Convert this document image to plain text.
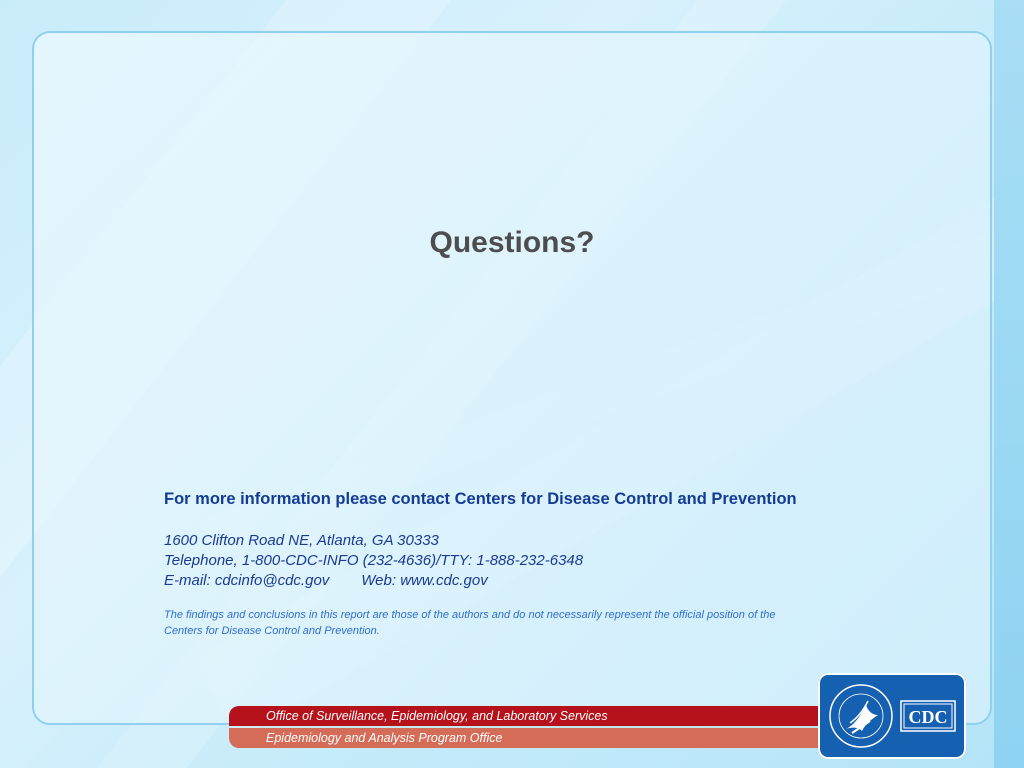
Questions?
For more information please contact Centers for Disease Control and Prevention
1600 Clifton Road NE, Atlanta, GA 30333
Telephone, 1-800-CDC-INFO (232-4636)/TTY: 1-888-232-6348
E-mail: cdcinfo@cdc.gov Web: www.cdc.gov
The findings and conclusions in this report are those of the authors and do not necessarily represent the official position of the Centers for Disease Control and Prevention.
Office of Surveillance, Epidemiology, and Laboratory Services
Epidemiology and Analysis Program Office
CDC
